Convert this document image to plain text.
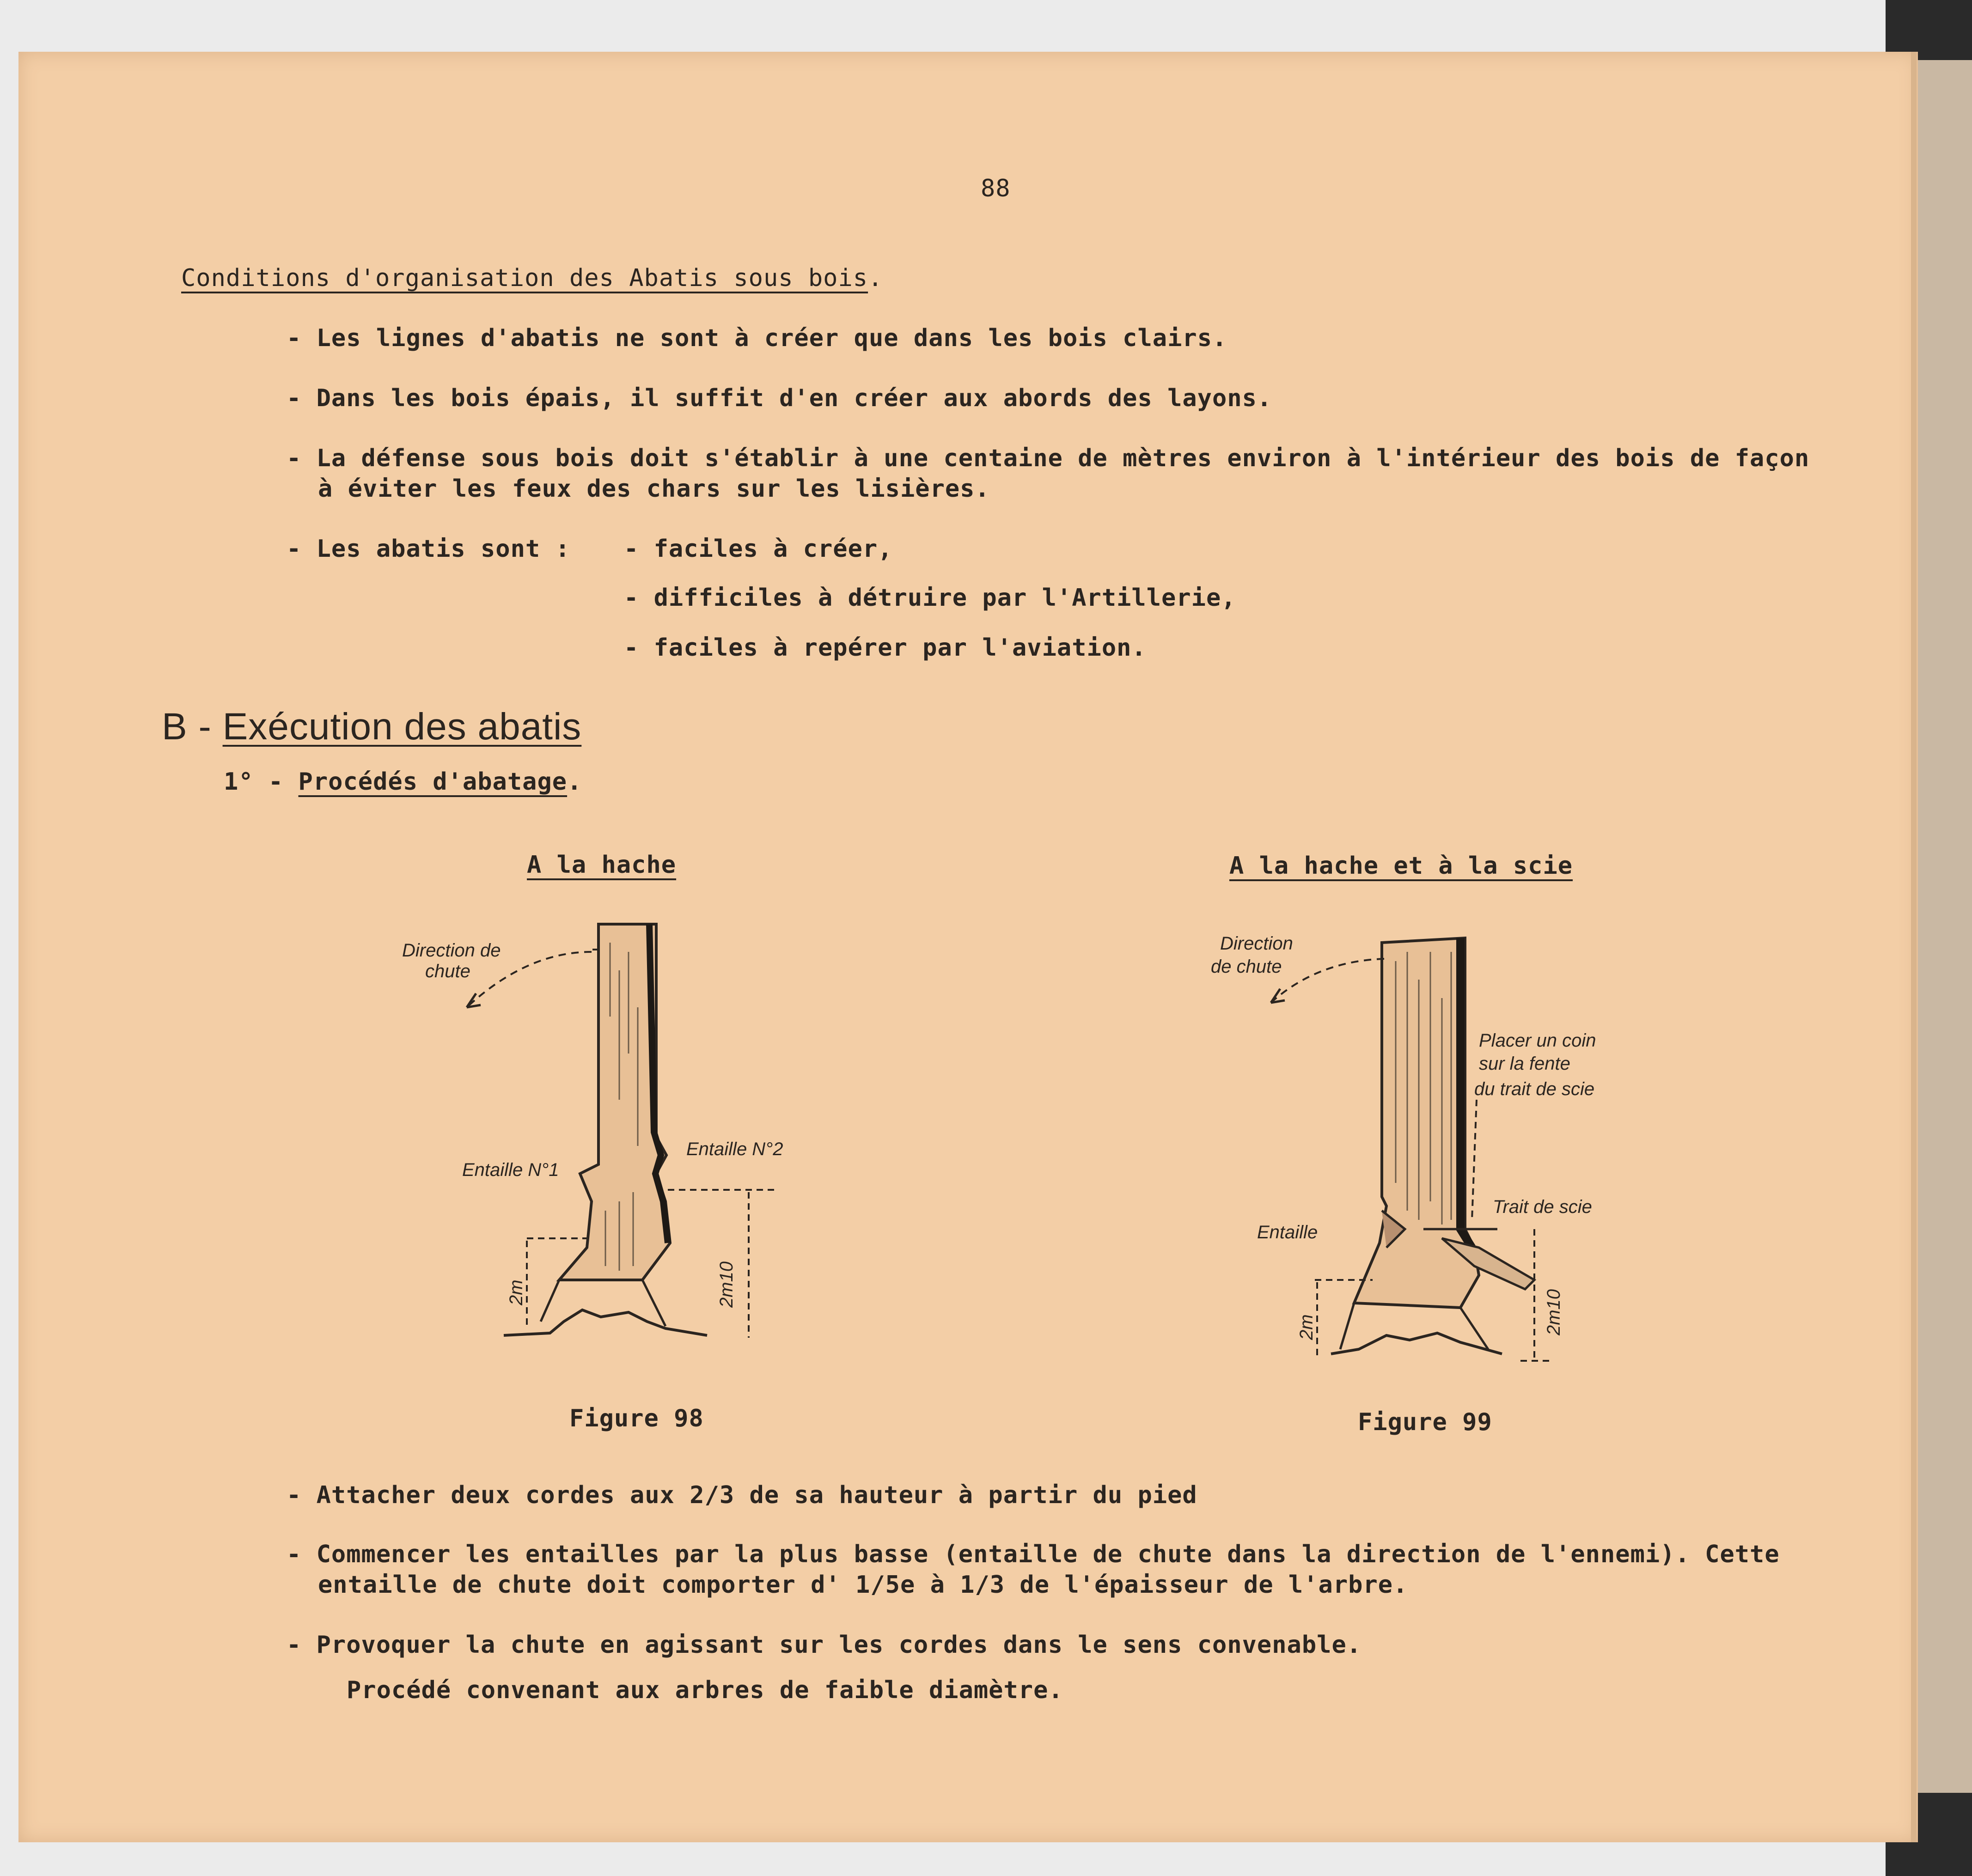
88
Conditions d'organisation des Abatis sous bois.
- Les lignes d'abatis ne sont à créer que dans les bois clairs.
- Dans les bois épais, il suffit d'en créer aux abords des layons.
- La défense sous bois doit s'établir à une centaine de mètres environ à l'intérieur des bois de façon
à éviter les feux des chars sur les lisières.
- Les abatis sont : - faciles à créer,
- difficiles à détruire par l'Artillerie,
- faciles à repérer par l'aviation.
B - Exécution des abatis
1° - Procédés d'abatage.
A la hache	A la hache et à la scie
Direction de
chute
Entaille N°1
Entaille N°2
2m	2m10
Direction
de chute
Placer un coin
sur la fente
du trait de scie
Trait de scie
Entaille
2m	2m10
Figure 98	Figure 99
- Attacher deux cordes aux 2/3 de sa hauteur à partir du pied
- Commencer les entailles par la plus basse (entaille de chute dans la direction de l'ennemi). Cette
entaille de chute doit comporter d' 1/5e à 1/3 de l'épaisseur de l'arbre.
- Provoquer la chute en agissant sur les cordes dans le sens convenable.
Procédé convenant aux arbres de faible diamètre.
